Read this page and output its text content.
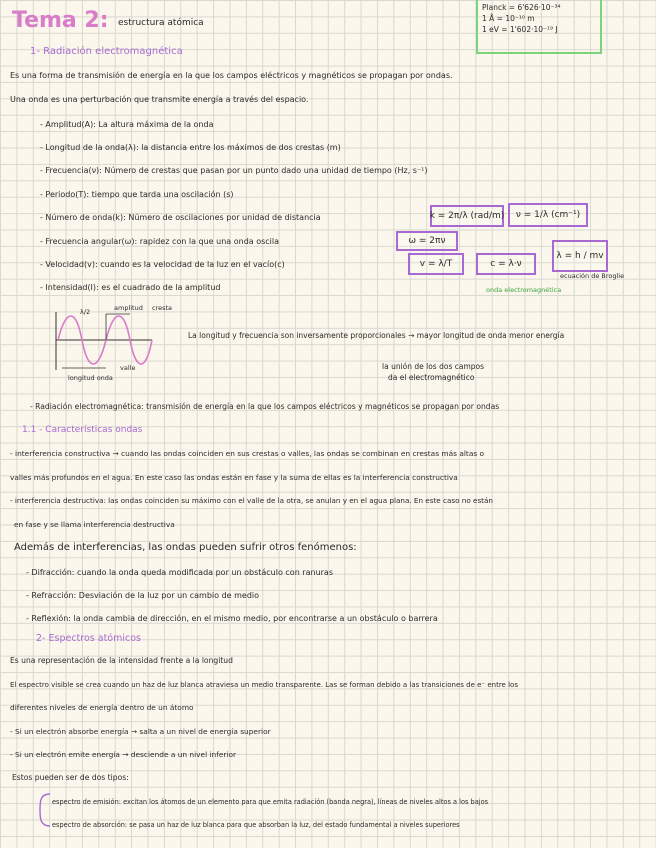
Tema 2: estructura atómica
Planck = 6'626·10⁻³⁴
1 Å = 10⁻¹⁰ m
1 eV = 1'602·10⁻¹⁹ J
1- Radiación electromagnética
Es una forma de transmisión de energía en la que los campos eléctricos y magnéticos se propagan por ondas.
Una onda es una perturbación que transmite energía a través del espacio.
- Amplitud(A): La altura máxima de la onda
- Longitud de la onda(λ): la distancia entre los máximos de dos crestas (m)
- Frecuencia(ν): Número de crestas que pasan por un punto dado una unidad de tiempo (Hz, s⁻¹)
- Periodo(T): tiempo que tarda una oscilación (s)
- Número de onda(k): Número de oscilaciones por unidad de distancia
- Frecuencia angular(ω): rapidez con la que una onda oscila
- Velocidad(v): cuando es la velocidad de la luz en el vacío(c)
- Intensidad(I): es el cuadrado de la amplitud
k = 2π/λ (rad/m)	ν = 1/λ (cm⁻¹)
ω = 2πν
v = λ/T	c = λ·ν
λ = h / mv
onda electromagnética
ecuación de Broglie
amplitud cresta
λ/2
valle
longitud onda
La longitud y frecuencia son inversamente proporcionales → mayor longitud de onda menor energía
la unión de los dos campos
da el electromagnético
- Radiación electromagnética: transmisión de energía en la que los campos eléctricos y magnéticos se propagan por ondas
1.1 - Características ondas
- interferencia constructiva → cuando las ondas coinciden en sus crestas o valles, las ondas se combinan en crestas más altas o
valles más profundos en el agua. En este caso las ondas están en fase y la suma de ellas es la interferencia constructiva
- interferencia destructiva: las ondas coinciden su máximo con el valle de la otra, se anulan y en el agua plana. En este caso no están
en fase y se llama interferencia destructiva
Además de interferencias, las ondas pueden sufrir otros fenómenos:
- Difracción: cuando la onda queda modificada por un obstáculo con ranuras
- Refracción: Desviación de la luz por un cambio de medio
- Reflexión: la onda cambia de dirección, en el mismo medio, por encontrarse a un obstáculo o barrera
2- Espectros atómicos
Es una representación de la intensidad frente a la longitud
El espectro visible se crea cuando un haz de luz blanca atraviesa un medio transparente. Las se forman debido a las transiciones de e⁻ entre los
diferentes niveles de energía dentro de un átomo
- Si un electrón absorbe energía → salta a un nivel de energía superior
- Si un electrón emite energía → desciende a un nivel inferior
Estos pueden ser de dos tipos:
espectro de emisión: excitan los átomos de un elemento para que emita radiación (banda negra), líneas de niveles altos a los bajos
espectro de absorción: se pasa un haz de luz blanca para que absorban la luz, del estado fundamental a niveles superiores
